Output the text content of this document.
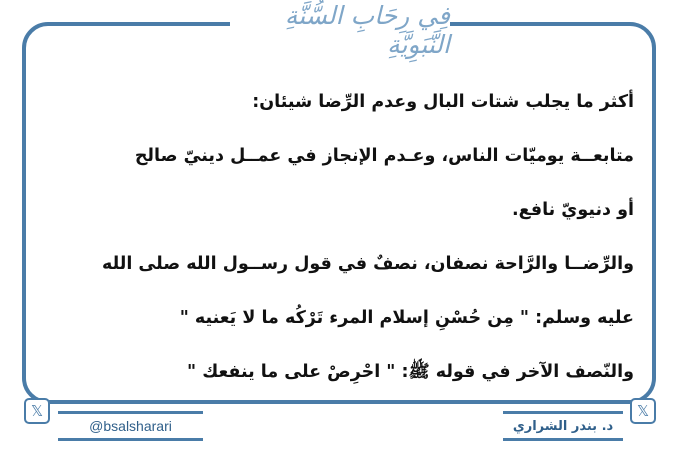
فِي رِحَابِ السُّنَّةِ النَّبَوِيَّةِ
أكثر ما يجلب شتات البال وعدم الرِّضا شيئان:
متابعــة يوميّات الناس، وعـدم الإنجاز في عمــل دينيّ صالح
أو دنيويّ نافع.
والرِّضــا والرَّاحة نصفان، نصفٌ في قول رســول الله صلى الله
عليه وسلم: " مِن حُسْنِ إسلام المرء تَرْكُه ما لا يَعنيه "
والنّصف الآخر في قوله ﷺ: " احْرِصْ على ما ينفعك "
𝕏	𝕏
@bsalsharari	د. بندر الشراري
